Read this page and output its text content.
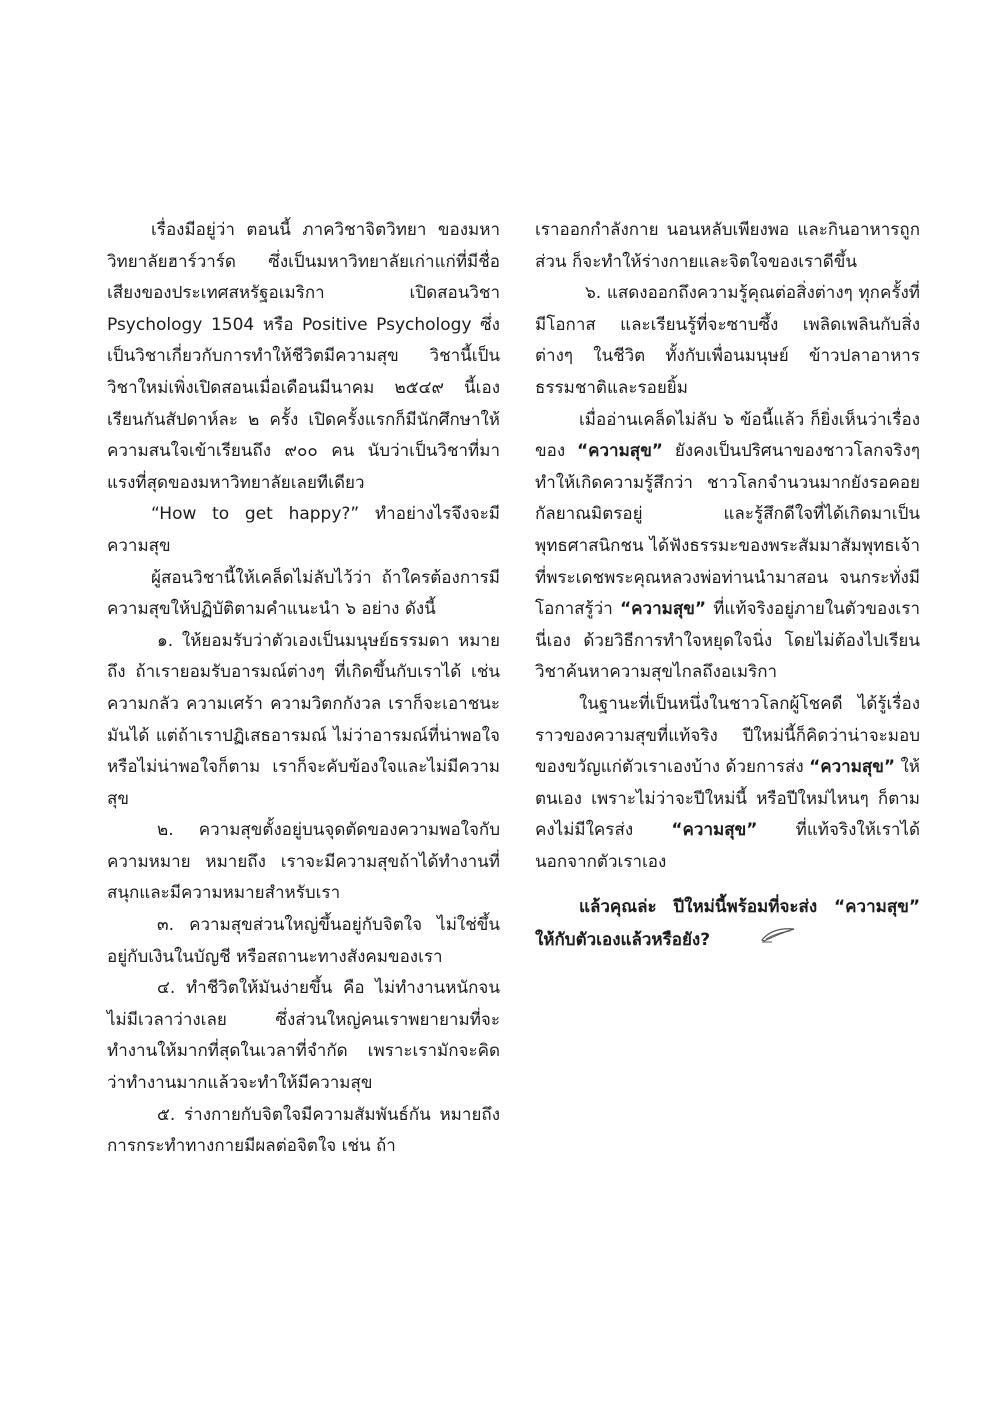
เรื่องมีอยู่ว่า ตอนนี้ ภาควิชาจิตวิทยา ของมหาวิทยาลัยฮาร์วาร์ด ซึ่งเป็นมหาวิทยาลัยเก่าแก่ที่มีชื่อเสียงของประเทศสหรัฐอเมริกา เปิดสอนวิชา Psychology 1504 หรือ Positive Psychology ซึ่งเป็นวิชาเกี่ยวกับการทำให้ชีวิตมีความสุข วิชานี้เป็นวิชาใหม่เพิ่งเปิดสอนเมื่อเดือนมีนาคม ๒๕๔๙ นี้เอง เรียนกันสัปดาห์ละ ๒ ครั้ง เปิดครั้งแรกก็มีนักศึกษาให้ความสนใจเข้าเรียนถึง ๙๐๐ คน นับว่าเป็นวิชาที่มาแรงที่สุดของมหาวิทยาลัยเลยทีเดียว

“How to get happy?” ทำอย่างไรจึงจะมีความสุข

ผู้สอนวิชานี้ให้เคล็ดไม่ลับไว้ว่า ถ้าใครต้องการมีความสุขให้ปฏิบัติตามคำแนะนำ ๖ อย่าง ดังนี้

๑. ให้ยอมรับว่าตัวเองเป็นมนุษย์ธรรมดา หมายถึง ถ้าเรายอมรับอารมณ์ต่างๆ ที่เกิดขึ้นกับเราได้ เช่น ความกลัว ความเศร้า ความวิตกกังวล เราก็จะเอาชนะมันได้ แต่ถ้าเราปฏิเสธอารมณ์ ไม่ว่าอารมณ์ที่น่าพอใจ หรือไม่น่าพอใจก็ตาม เราก็จะคับข้องใจและไม่มีความสุข

๒. ความสุขตั้งอยู่บนจุดตัดของความพอใจกับความหมาย หมายถึง เราจะมีความสุขถ้าได้ทำงานที่สนุกและมีความหมายสำหรับเรา

๓. ความสุขส่วนใหญ่ขึ้นอยู่กับจิตใจ ไม่ใช่ขึ้นอยู่กับเงินในบัญชี หรือสถานะทางสังคมของเรา

๔. ทำชีวิตให้มันง่ายขึ้น คือ ไม่ทำงานหนักจนไม่มีเวลาว่างเลย ซึ่งส่วนใหญ่คนเราพยายามที่จะทำงานให้มากที่สุดในเวลาที่จำกัด เพราะเรามักจะคิดว่าทำงานมากแล้วจะทำให้มีความสุข

๕. ร่างกายกับจิตใจมีความสัมพันธ์กัน หมายถึง การกระทำทางกายมีผลต่อจิตใจ เช่น ถ้า

เราออกกำลังกาย นอนหลับเพียงพอ และกินอาหารถูกส่วน ก็จะทำให้ร่างกายและจิตใจของเราดีขึ้น

๖. แสดงออกถึงความรู้คุณต่อสิ่งต่างๆ ทุกครั้งที่มีโอกาส และเรียนรู้ที่จะซาบซึ้ง เพลิดเพลินกับสิ่งต่างๆ ในชีวิต ทั้งกับเพื่อนมนุษย์ ข้าวปลาอาหาร ธรรมชาติและรอยยิ้ม

เมื่ออ่านเคล็ดไม่ลับ ๖ ข้อนี้แล้ว ก็ยิ่งเห็นว่าเรื่องของ “ความสุข” ยังคงเป็นปริศนาของชาวโลกจริงๆ ทำให้เกิดความรู้สึกว่า ชาวโลกจำนวนมากยังรอคอยกัลยาณมิตรอยู่ และรู้สึกดีใจที่ได้เกิดมาเป็นพุทธศาสนิกชน ได้ฟังธรรมะของพระสัมมาสัมพุทธเจ้า ที่พระเดชพระคุณหลวงพ่อท่านนำมาสอน จนกระทั่งมีโอกาสรู้ว่า “ความสุข” ที่แท้จริงอยู่ภายในตัวของเรานี่เอง ด้วยวิธีการทำใจหยุดใจนิ่ง โดยไม่ต้องไปเรียนวิชาค้นหาความสุขไกลถึงอเมริกา

ในฐานะที่เป็นหนึ่งในชาวโลกผู้โชคดี ได้รู้เรื่องราวของความสุขที่แท้จริง ปีใหม่นี้ก็คิดว่าน่าจะมอบของขวัญแก่ตัวเราเองบ้าง ด้วยการส่ง “ความสุข” ให้ตนเอง เพราะไม่ว่าจะปีใหม่นี้ หรือปีใหม่ไหนๆ ก็ตาม คงไม่มีใครส่ง “ความสุข” ที่แท้จริงให้เราได้ นอกจากตัวเราเอง

แล้วคุณล่ะ ปีใหม่นี้พร้อมที่จะส่ง “ความสุข” ให้กับตัวเองแล้วหรือยัง?
